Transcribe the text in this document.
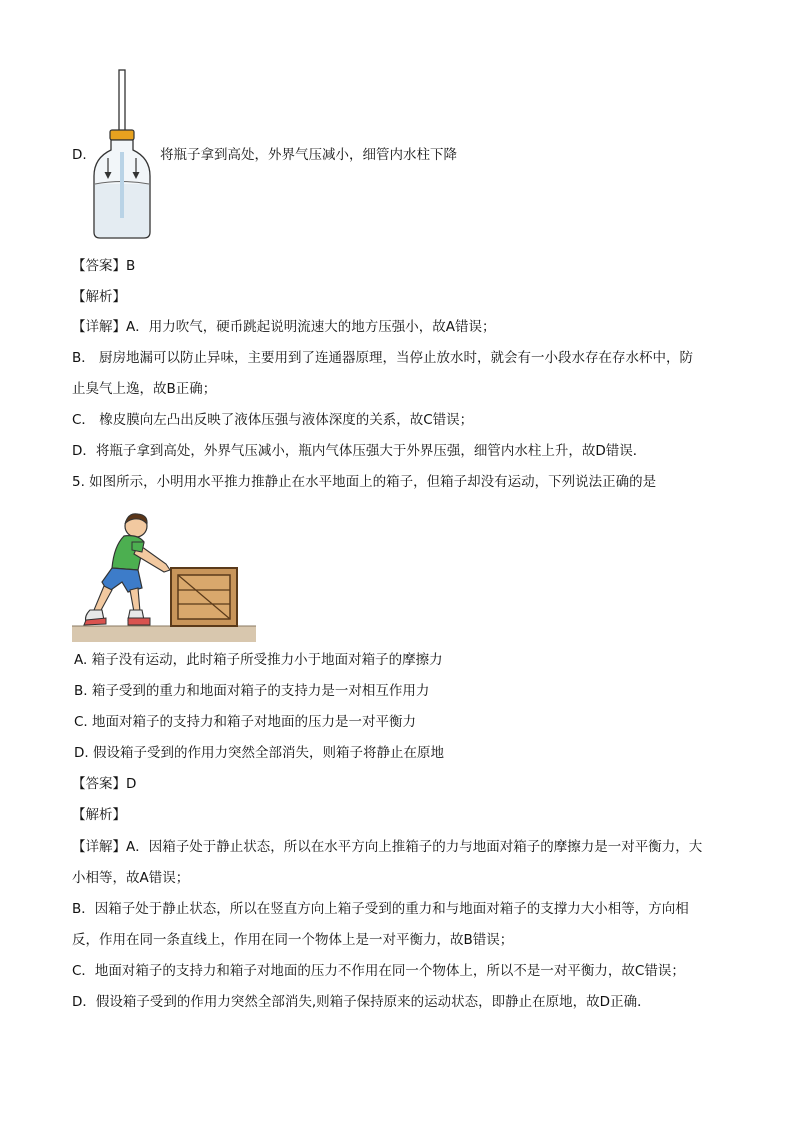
D.	将瓶子拿到高处，外界气压减小，细管内水柱下降
【答案】B
【解析】
【详解】A．用力吹气，硬币跳起说明流速大的地方压强小，故A错误；
B． 厨房地漏可以防止异味，主要用到了连通器原理，当停止放水时，就会有一小段水存在存水杯中，防
止臭气上逸，故B正确；
C． 橡皮膜向左凸出反映了液体压强与液体深度的关系，故C错误；
D．将瓶子拿到高处，外界气压减小，瓶内气体压强大于外界压强，细管内水柱上升，故D错误．
5. 如图所示，小明用水平推力推静止在水平地面上的箱子，但箱子却没有运动，下列说法正确的是
A. 箱子没有运动，此时箱子所受推力小于地面对箱子的摩擦力
B. 箱子受到的重力和地面对箱子的支持力是一对相互作用力
C. 地面对箱子的支持力和箱子对地面的压力是一对平衡力
D. 假设箱子受到的作用力突然全部消失，则箱子将静止在原地
【答案】D
【解析】
【详解】A．因箱子处于静止状态，所以在水平方向上推箱子的力与地面对箱子的摩擦力是一对平衡力，大
小相等，故A错误；
B．因箱子处于静止状态，所以在竖直方向上箱子受到的重力和与地面对箱子的支撑力大小相等，方向相
反，作用在同一条直线上，作用在同一个物体上是一对平衡力，故B错误；
C．地面对箱子的支持力和箱子对地面的压力不作用在同一个物体上，所以不是一对平衡力，故C错误；
D．假设箱子受到的作用力突然全部消失,则箱子保持原来的运动状态，即静止在原地，故D正确．
